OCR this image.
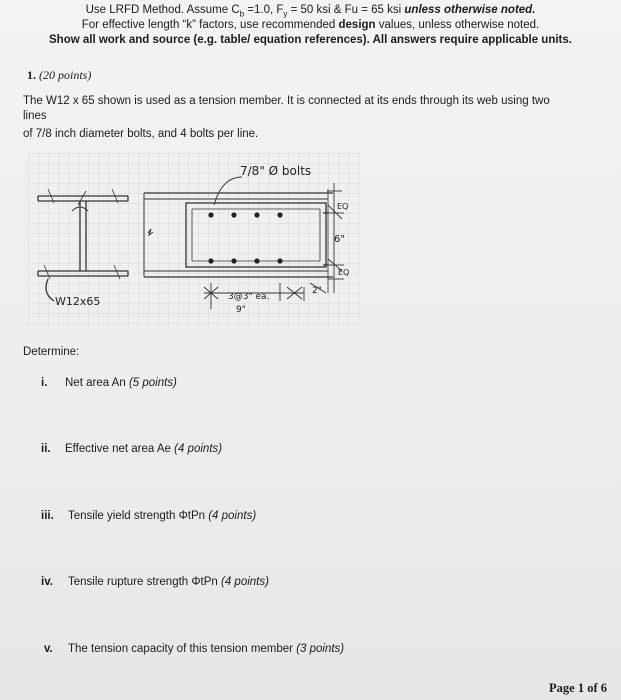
Use LRFD Method. Assume $C_b =1.0$, $F_y = 50$ ksi & Fu = 65 ksi unless otherwise noted.
For effective length “k” factors, use recommended design values, unless otherwise noted.
Show all work and source (e.g. table/ equation references). All answers require applicable units.
1. (20 points)
The W12 x 65 shown is used as a tension member. It is connected at its ends through its web using two
lines
of 7/8 inch diameter bolts, and 4 bolts per line.
W12x65
7/8" Ø bolts
3@3" ea.
9"
2"
EQ
6"
EQ
Determine:
i. Net area An (5 points)
ii. Effective net area Ae (4 points)
iii. Tensile yield strength ΦtPn (4 points)
iv. Tensile rupture strength ΦtPn (4 points)
v. The tension capacity of this tension member (3 points)
Page 1 of 6
